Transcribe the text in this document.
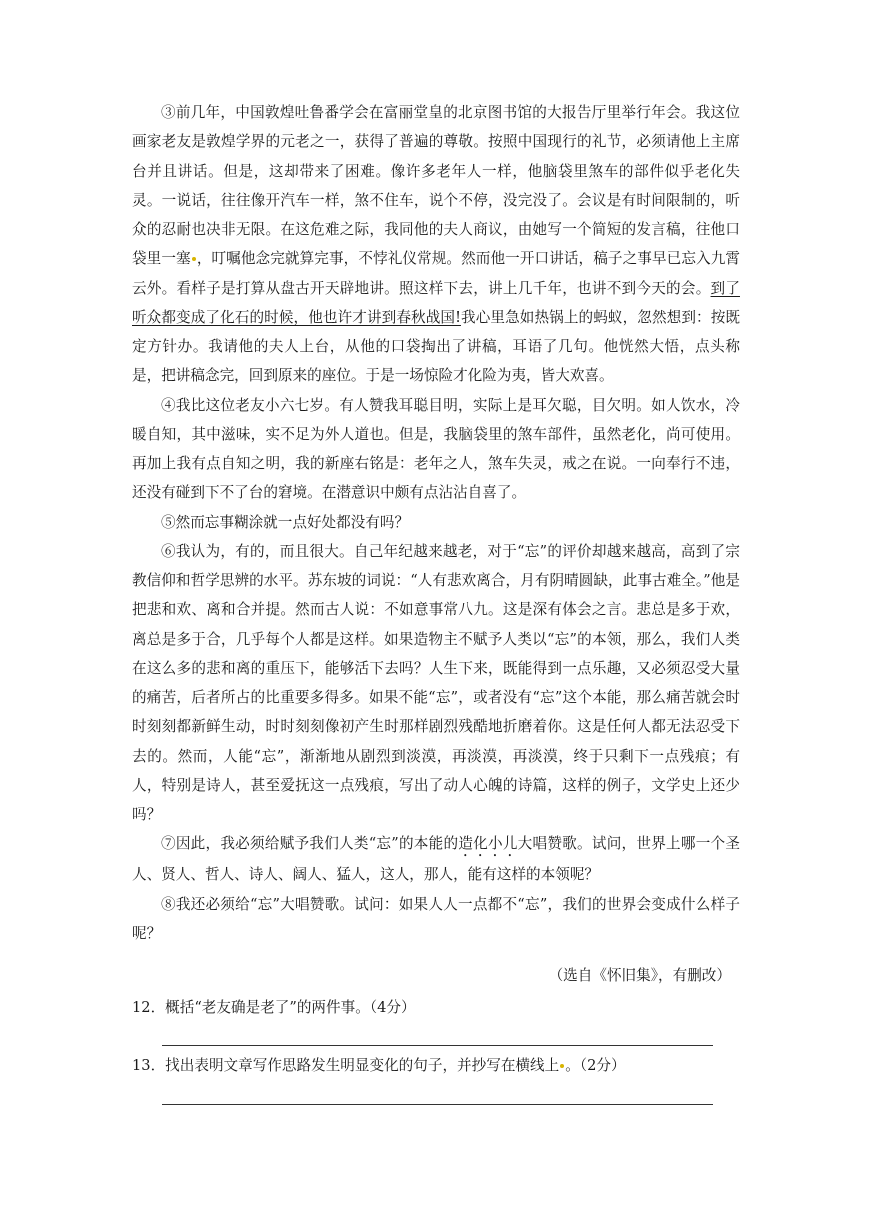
③前几年，中国敦煌吐鲁番学会在富丽堂皇的北京图书馆的大报告厅里举行年会。我这位画家老友是敦煌学界的元老之一，获得了普遍的尊敬。按照中国现行的礼节，必须请他上主席台并且讲话。但是，这却带来了困难。像许多老年人一样，他脑袋里煞车的部件似乎老化失灵。一说话，往往像开汽车一样，煞不住车，说个不停，没完没了。会议是有时间限制的，听众的忍耐也决非无限。在这危难之际，我同他的夫人商议，由她写一个简短的发言稿，往他口袋里一塞 ，叮嘱他念完就算完事，不悖礼仪常规。然而他一开口讲话，稿子之事早已忘入九霄云外。看样子是打算从盘古开天辟地讲。照这样下去，讲上几千年，也讲不到今天的会。到了听众都变成了化石的时候，他也许才讲到春秋战国!我心里急如热锅上的蚂蚁，忽然想到：按既定方针办。我请他的夫人上台，从他的口袋掏出了讲稿，耳语了几句。他恍然大悟，点头称是，把讲稿念完，回到原来的座位。于是一场惊险才化险为夷，皆大欢喜。

④我比这位老友小六七岁。有人赞我耳聪目明，实际上是耳欠聪，目欠明。如人饮水，冷暖自知，其中滋味，实不足为外人道也。但是，我脑袋里的煞车部件，虽然老化，尚可使用。再加上我有点自知之明，我的新座右铭是：老年之人，煞车失灵，戒之在说。一向奉行不违，还没有碰到下不了台的窘境。在潜意识中颇有点沾沾自喜了。

⑤然而忘事糊涂就一点好处都没有吗？

⑥我认为，有的，而且很大。自己年纪越来越老，对于“忘”的评价却越来越高，高到了宗教信仰和哲学思辨的水平。苏东坡的词说：“人有悲欢离合，月有阴晴圆缺，此事古难全。”他是把悲和欢、离和合并提。然而古人说：不如意事常八九。这是深有体会之言。悲总是多于欢，离总是多于合，几乎每个人都是这样。如果造物主不赋予人类以“忘”的本领，那么，我们人类在这么多的悲和离的重压下，能够活下去吗？人生下来，既能得到一点乐趣，又必须忍受大量的痛苦，后者所占的比重要多得多。如果不能“忘”，或者没有“忘”这个本能，那么痛苦就会时时刻刻都新鲜生动，时时刻刻像初产生时那样剧烈残酷地折磨着你。这是任何人都无法忍受下去的。然而，人能“忘”，渐渐地从剧烈到淡漠，再淡漠，再淡漠，终于只剩下一点残痕；有人，特别是诗人，甚至爱抚这一点残痕，写出了动人心魄的诗篇，这样的例子，文学史上还少吗？

⑦因此，我必须给赋予我们人类“忘”的本能的造化小儿大唱赞歌。试问，世界上哪一个圣人、贤人、哲人、诗人、阔人、猛人，这人，那人，能有这样的本领呢？

⑧我还必须给“忘”大唱赞歌。试问：如果人人一点都不“忘”，我们的世界会变成什么样子呢？

（选自《怀旧集》，有删改）
12．概括“老友确是老了”的两件事。（4分）
13．找出表明文章写作思路发生明显变化的句子，并抄写在横线上 。（2分）
